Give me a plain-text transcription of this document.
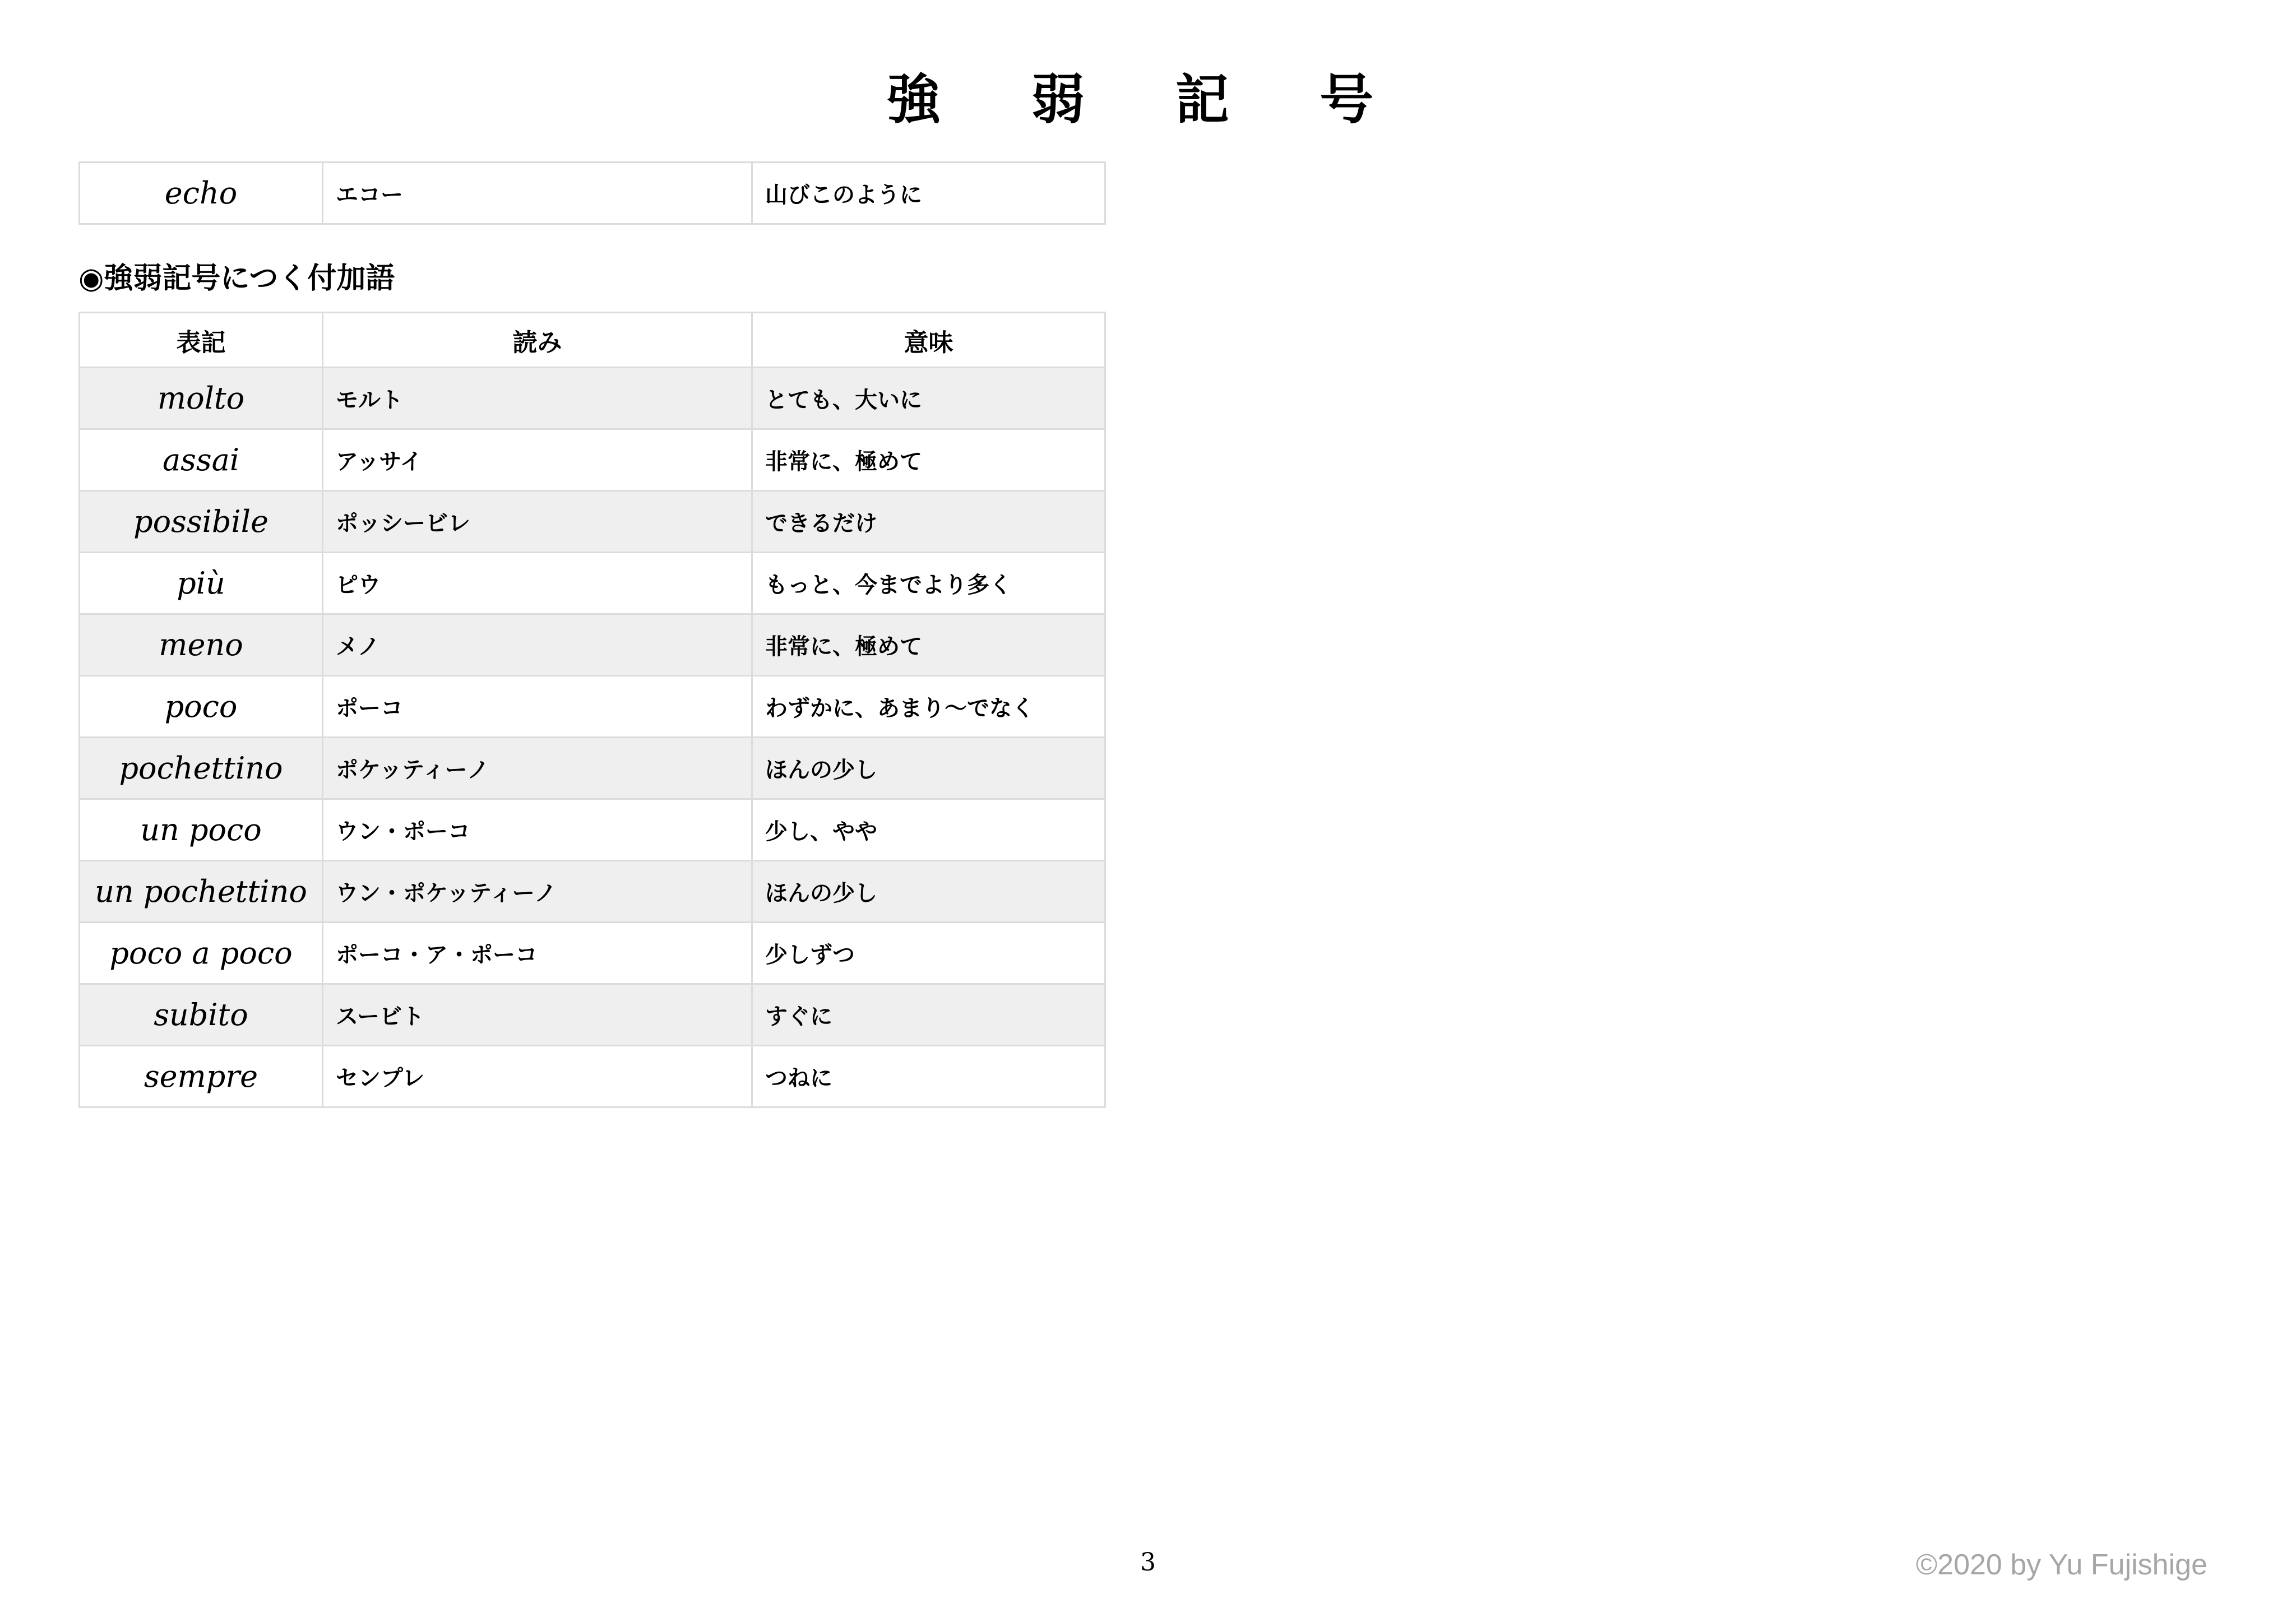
強 弱 記 号
echo	エコー	山びこのように
◉強弱記号につく付加語
表記	読み	意味
molto	モルト	とても、大いに
assai	アッサイ	非常に、極めて
possibile	ポッシービレ	できるだけ
più	ピウ	もっと、今までより多く
meno	メノ	非常に、極めて
poco	ポーコ	わずかに、あまり～でなく
pochettino	ポケッティーノ	ほんの少し
un poco	ウン・ポーコ	少し、やや
un pochettino	ウン・ポケッティーノ	ほんの少し
poco a poco	ポーコ・ア・ポーコ	少しずつ
subito	スービト	すぐに
sempre	センプレ	つねに
3	©2020 by Yu Fujishige
